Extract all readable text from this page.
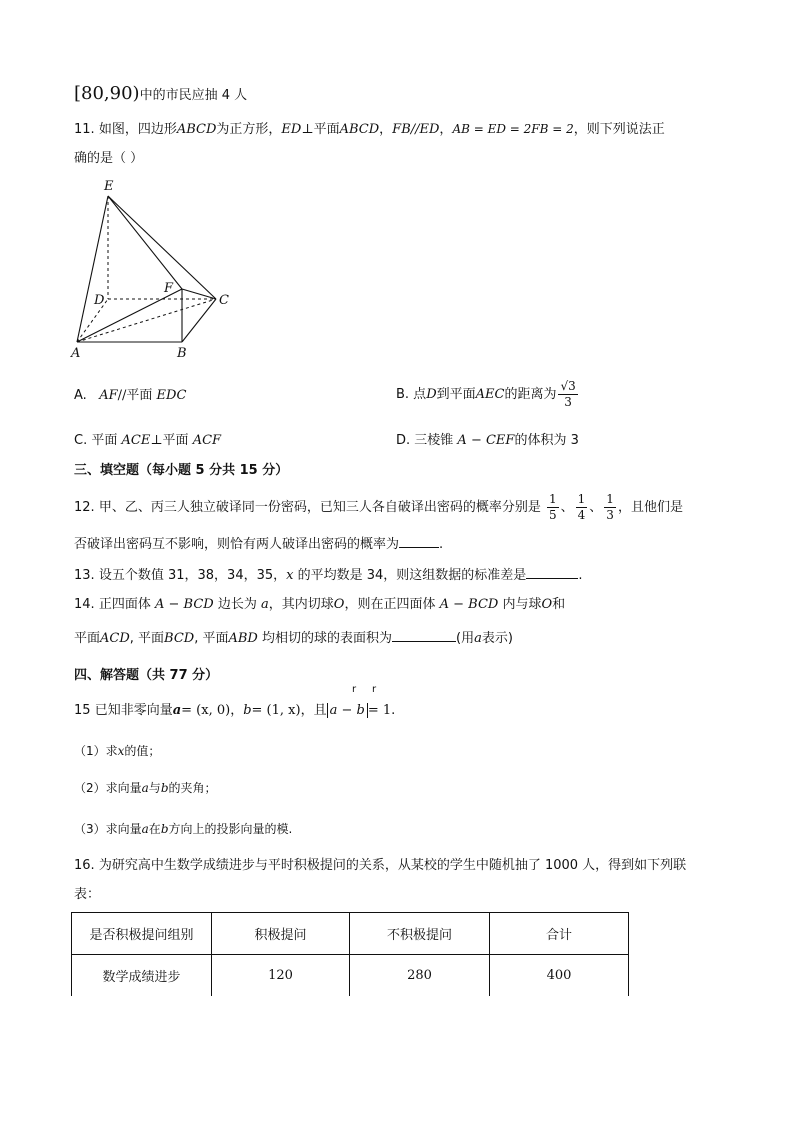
[80,90)中的市民应抽 4 人
11. 如图，四边形ABCD为正方形，ED⊥平面ABCD，FB//ED，AB = ED = 2FB = 2，则下列说法正
确的是（ ）
E
D
F
C
A	B
A. AF//平面 EDC	B. 点D到平面AEC的距离为 $\frac{√3}{3}$
C. 平面 ACE⊥平面 ACF	D. 三棱锥 A − CEF的体积为 3
三、填空题（每小题 5 分共 15 分）
12. 甲、乙、丙三人独立破译同一份密码，已知三人各自破译出密码的概率分别是 $\frac{1}{5}$ 、 $\frac{1}{4}$ 、 $\frac{1}{3}$ ，且他们是
否破译出密码互不影响，则恰有两人破译出密码的概率为	.
13. 设五个数值 31，38，34，35，x 的平均数是 34，则这组数据的标准差是	.
14. 正四面体 A − BCD 边长为 a，其内切球O，则在正四面体 A − BCD 内与球O和
平面ACD, 平面BCD, 平面ABD 均相切的球的表面积为	(用a表示)
四、解答题（共 77 分）
r r
15 已知非零向量a= (x, 0)，b= (1, x)，且 a − b = 1.
（1）求x的值；
（2）求向量a与b的夹角；
（3）求向量a在b方向上的投影向量的模.
16. 为研究高中生数学成绩进步与平时积极提问的关系，从某校的学生中随机抽了 1000 人，得到如下列联
表：
是否积极提问组别	积极提问	不积极提问	合计
数学成绩进步	120	280	400
